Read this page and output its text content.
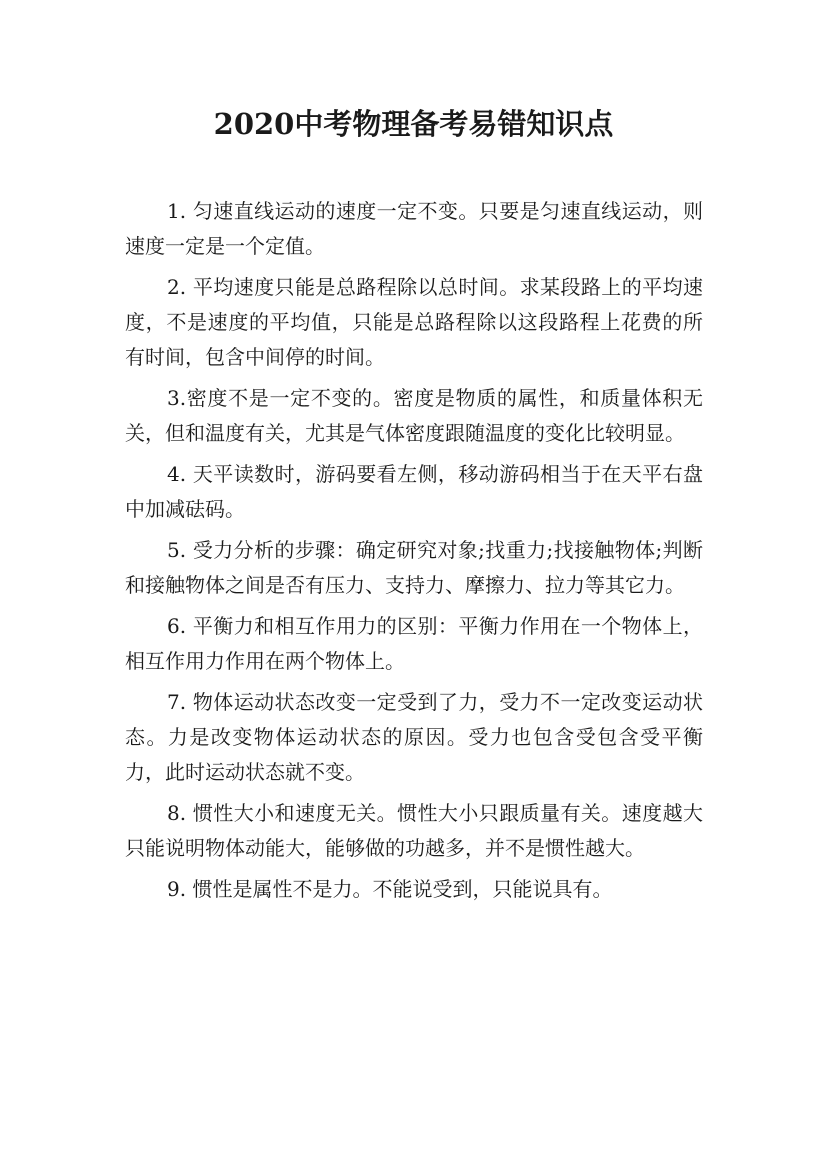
2020中考物理备考易错知识点

1. 匀速直线运动的速度一定不变。只要是匀速直线运动，则速度一定是一个定值。

2. 平均速度只能是总路程除以总时间。求某段路上的平均速度，不是速度的平均值，只能是总路程除以这段路程上花费的所有时间，包含中间停的时间。

3.密度不是一定不变的。密度是物质的属性，和质量体积无关，但和温度有关，尤其是气体密度跟随温度的变化比较明显。

4. 天平读数时，游码要看左侧，移动游码相当于在天平右盘中加减砝码。

5. 受力分析的步骤：确定研究对象;找重力;找接触物体;判断和接触物体之间是否有压力、支持力、摩擦力、拉力等其它力。

6. 平衡力和相互作用力的区别：平衡力作用在一个物体上，相互作用力作用在两个物体上。

7. 物体运动状态改变一定受到了力，受力不一定改变运动状态。力是改变物体运动状态的原因。受力也包含受包含受平衡力，此时运动状态就不变。

8. 惯性大小和速度无关。惯性大小只跟质量有关。速度越大只能说明物体动能大，能够做的功越多，并不是惯性越大。

9. 惯性是属性不是力。不能说受到，只能说具有。
